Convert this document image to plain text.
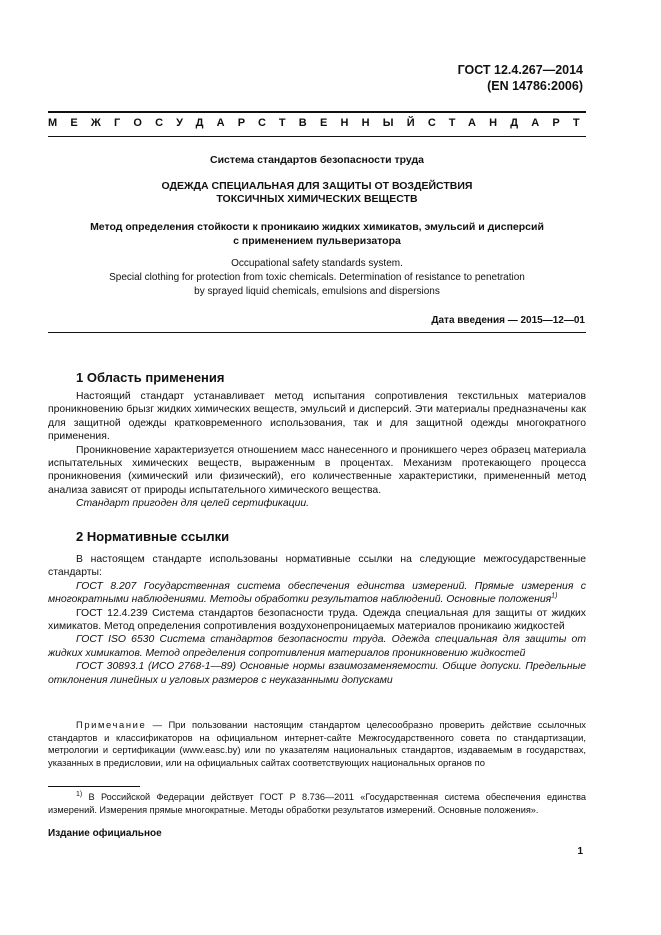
ГОСТ 12.4.267—2014
(EN 14786:2006)
МЕЖГОСУДАРСТВЕННЫЙ СТАНДАРТ
Система стандартов безопасности труда
ОДЕЖДА СПЕЦИАЛЬНАЯ ДЛЯ ЗАЩИТЫ ОТ ВОЗДЕЙСТВИЯ
ТОКСИЧНЫХ ХИМИЧЕСКИХ ВЕЩЕСТВ
Метод определения стойкости к проникаию жидких химикатов, эмульсий и дисперсий
с применением пульверизатора
Occupational safety standards system.
Special clothing for protection from toxic chemicals. Determination of resistance to penetration
by sprayed liquid chemicals, emulsions and dispersions
Дата введения — 2015—12—01
1 Область применения

Настоящий стандарт устанавливает метод испытания сопротивления текстильных материалов проникновению брызг жидких химических веществ, эмульсий и дисперсий. Эти материалы предназначены как для защитной одежды кратковременного использования, так и для защитной одежды многократного применения.

Проникновение характеризуется отношением масс нанесенного и проникшего через образец материала испытательных химических веществ, выраженным в процентах. Механизм протекающего процесса проникновения (химический или физический), его количественные характеристики, примененный метод анализа зависят от природы испытательного химического вещества.

Стандарт пригоден для целей сертификации.

2 Нормативные ссылки

В настоящем стандарте использованы нормативные ссылки на следующие межгосударственные стандарты:

ГОСТ 8.207 Государственная система обеспечения единства измерений. Прямые измерения с многократными наблюдениями. Методы обработки результатов наблюдений. Основные положения$^{1)}$

ГОСТ 12.4.239 Система стандартов безопасности труда. Одежда специальная для защиты от жидких химикатов. Метод определения сопротивления воздухонепроницаемых материалов проникаию жидкостей

ГОСТ ISO 6530 Система стандартов безопасности труда. Одежда специальная для защиты от жидких химикатов. Метод определения сопротивления материалов проникновению жидкостей

ГОСТ 30893.1 (ИСО 2768-1—89) Основные нормы взаимозаменяемости. Общие допуски. Предельные отклонения линейных и угловых размеров с неуказанными допусками

Примечание — При пользовании настоящим стандартом целесообразно проверить действие ссылочных стандартов и классификаторов на официальном интернет-сайте Межгосударственного совета по стандартизации, метрологии и сертификации (www.easc.by) или по указателям национальных стандартов, издаваемым в государствах, указанных в предисловии, или на официальных сайтах соответствующих национальных органов по

$^{1)}$ В Российской Федерации действует ГОСТ Р 8.736—2011 «Государственная система обеспечения единства измерений. Измерения прямые многократные. Методы обработки результатов измерений. Основные положения».

Издание официальное
1
